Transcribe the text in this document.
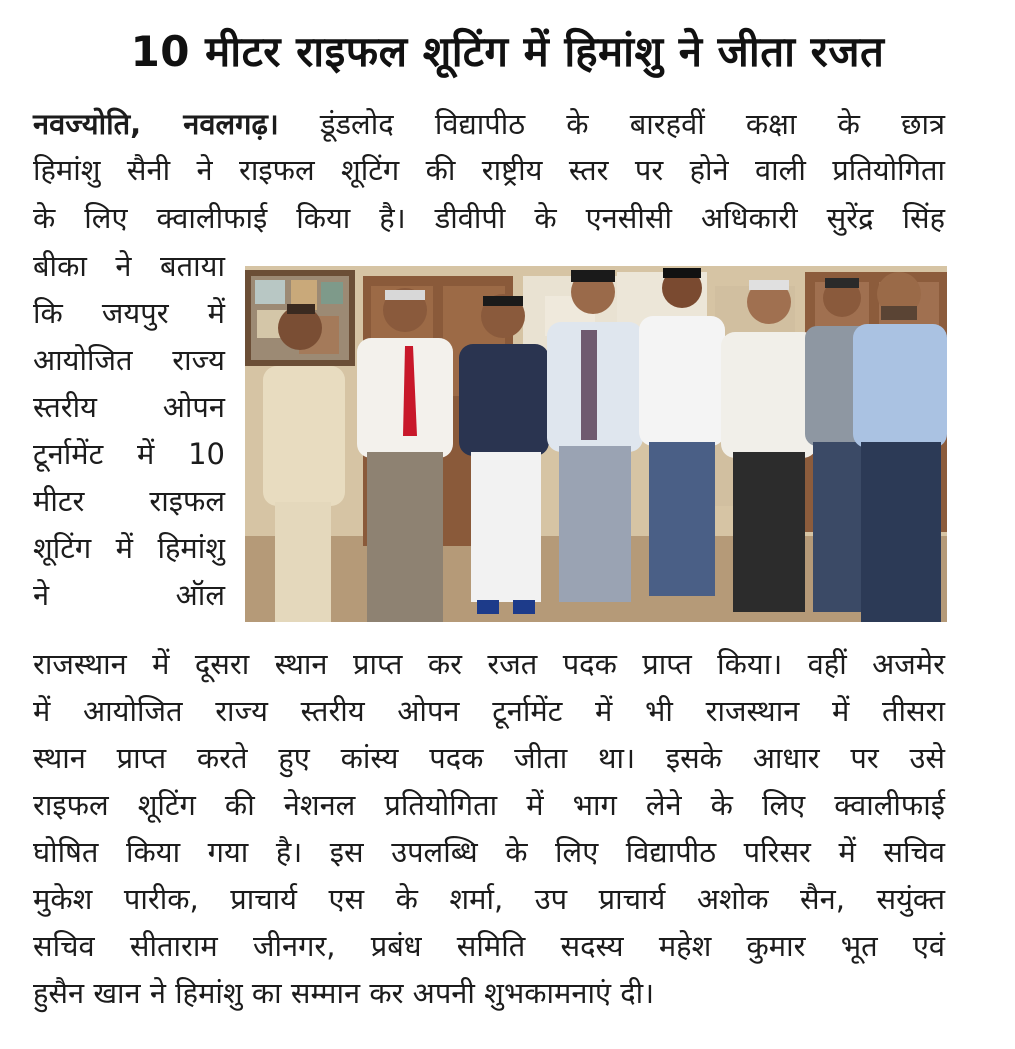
10 मीटर राइफल शूटिंग में हिमांशु ने जीता रजत
नवज्योति, नवलगढ़। डूंडलोद विद्यापीठ के बारहवीं कक्षा के छात्र
हिमांशु सैनी ने राइफल शूटिंग की राष्ट्रीय स्तर पर होने वाली प्रतियोगिता
के लिए क्वालीफाई किया है। डीवीपी के एनसीसी अधिकारी सुरेंद्र सिंह
बीका ने बताया
कि जयपुर में
आयोजित राज्य
स्तरीय ओपन
टूर्नामेंट में 10
मीटर राइफल
शूटिंग में हिमांशु
ने ऑल
राजस्थान में दूसरा स्थान प्राप्त कर रजत पदक प्राप्त किया। वहीं अजमेर
में आयोजित राज्य स्तरीय ओपन टूर्नामेंट में भी राजस्थान में तीसरा
स्थान प्राप्त करते हुए कांस्य पदक जीता था। इसके आधार पर उसे
राइफल शूटिंग की नेशनल प्रतियोगिता में भाग लेने के लिए क्वालीफाई
घोषित किया गया है। इस उपलब्धि के लिए विद्यापीठ परिसर में सचिव
मुकेश पारीक, प्राचार्य एस के शर्मा, उप प्राचार्य अशोक सैन, सयुंक्त
सचिव सीताराम जीनगर, प्रबंध समिति सदस्य महेश कुमार भूत एवं
हुसैन खान ने हिमांशु का सम्मान कर अपनी शुभकामनाएं दी।
